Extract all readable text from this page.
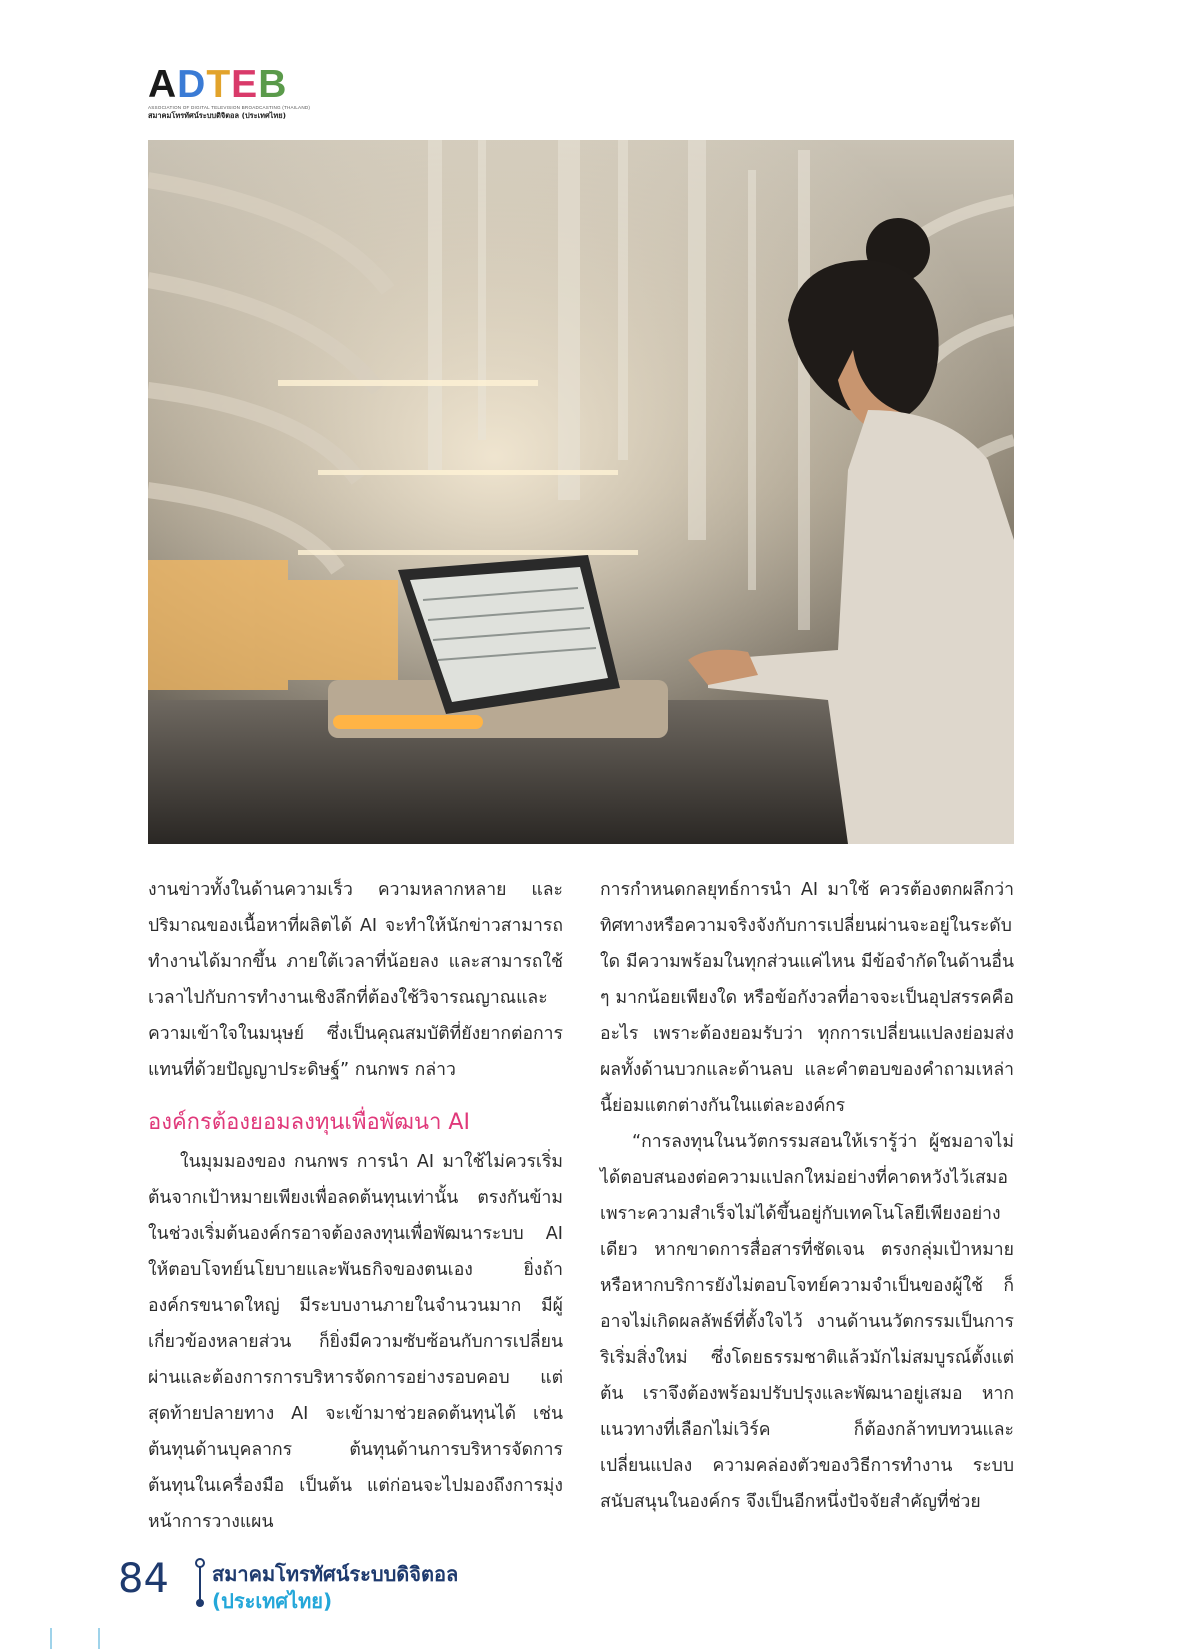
A D T E B
ASSOCIATION OF DIGITAL TELEVISION BROADCASTING (THAILAND)
สมาคมโทรทัศน์ระบบดิจิตอล (ประเทศไทย)

งานข่าวทั้งในด้านความเร็ว ความหลากหลาย และปริมาณของเนื้อหาที่ผลิตได้ AI จะทำให้นักข่าวสามารถทำงานได้มากขึ้น ภายใต้เวลาที่น้อยลง และสามารถใช้เวลาไปกับการทำงานเชิงลึกที่ต้องใช้วิจารณญาณและความเข้าใจในมนุษย์ ซึ่งเป็นคุณสมบัติที่ยังยากต่อการแทนที่ด้วยปัญญาประดิษฐ์” กนกพร กล่าว

องค์กรต้องยอมลงทุนเพื่อพัฒนา AI

ในมุมมองของ กนกพร การนำ AI มาใช้ไม่ควรเริ่มต้นจากเป้าหมายเพียงเพื่อลดต้นทุนเท่านั้น ตรงกันข้าม ในช่วงเริ่มต้นองค์กรอาจต้องลงทุนเพื่อพัฒนาระบบ AI ให้ตอบโจทย์นโยบายและพันธกิจของตนเอง ยิ่งถ้าองค์กรขนาดใหญ่ มีระบบงานภายในจำนวนมาก มีผู้เกี่ยวข้องหลายส่วน ก็ยิ่งมีความซับซ้อนกับการเปลี่ยนผ่านและต้องการการบริหารจัดการอย่างรอบคอบ แต่สุดท้ายปลายทาง AI จะเข้ามาช่วยลดต้นทุนได้ เช่น ต้นทุนด้านบุคลากร ต้นทุนด้านการบริหารจัดการ ต้นทุนในเครื่องมือ เป็นต้น แต่ก่อนจะไปมองถึงการมุ่งหน้าการวางแผน

การกำหนดกลยุทธ์การนำ AI มาใช้ ควรต้องตกผลึกว่าทิศทางหรือความจริงจังกับการเปลี่ยนผ่านจะอยู่ในระดับใด มีความพร้อมในทุกส่วนแค่ไหน มีข้อจำกัดในด้านอื่น ๆ มากน้อยเพียงใด หรือข้อกังวลที่อาจจะเป็นอุปสรรคคืออะไร เพราะต้องยอมรับว่า ทุกการเปลี่ยนแปลงย่อมส่งผลทั้งด้านบวกและด้านลบ และคำตอบของคำถามเหล่านี้ย่อมแตกต่างกันในแต่ละองค์กร

“การลงทุนในนวัตกรรมสอนให้เรารู้ว่า ผู้ชมอาจไม่ได้ตอบสนองต่อความแปลกใหม่อย่างที่คาดหวังไว้เสมอ เพราะความสำเร็จไม่ได้ขึ้นอยู่กับเทคโนโลยีเพียงอย่างเดียว หากขาดการสื่อสารที่ชัดเจน ตรงกลุ่มเป้าหมาย หรือหากบริการยังไม่ตอบโจทย์ความจำเป็นของผู้ใช้ ก็อาจไม่เกิดผลลัพธ์ที่ตั้งใจไว้ งานด้านนวัตกรรมเป็นการริเริ่มสิ่งใหม่ ซึ่งโดยธรรมชาติแล้วมักไม่สมบูรณ์ตั้งแต่ต้น เราจึงต้องพร้อมปรับปรุงและพัฒนาอยู่เสมอ หากแนวทางที่เลือกไม่เวิร์ค ก็ต้องกล้าทบทวนและเปลี่ยนแปลง ความคล่องตัวของวิธีการทำงาน ระบบสนับสนุนในองค์กร จึงเป็นอีกหนึ่งปัจจัยสำคัญที่ช่วย

84 สมาคมโทรทัศน์ระบบดิจิตอล
(ประเทศไทย)
